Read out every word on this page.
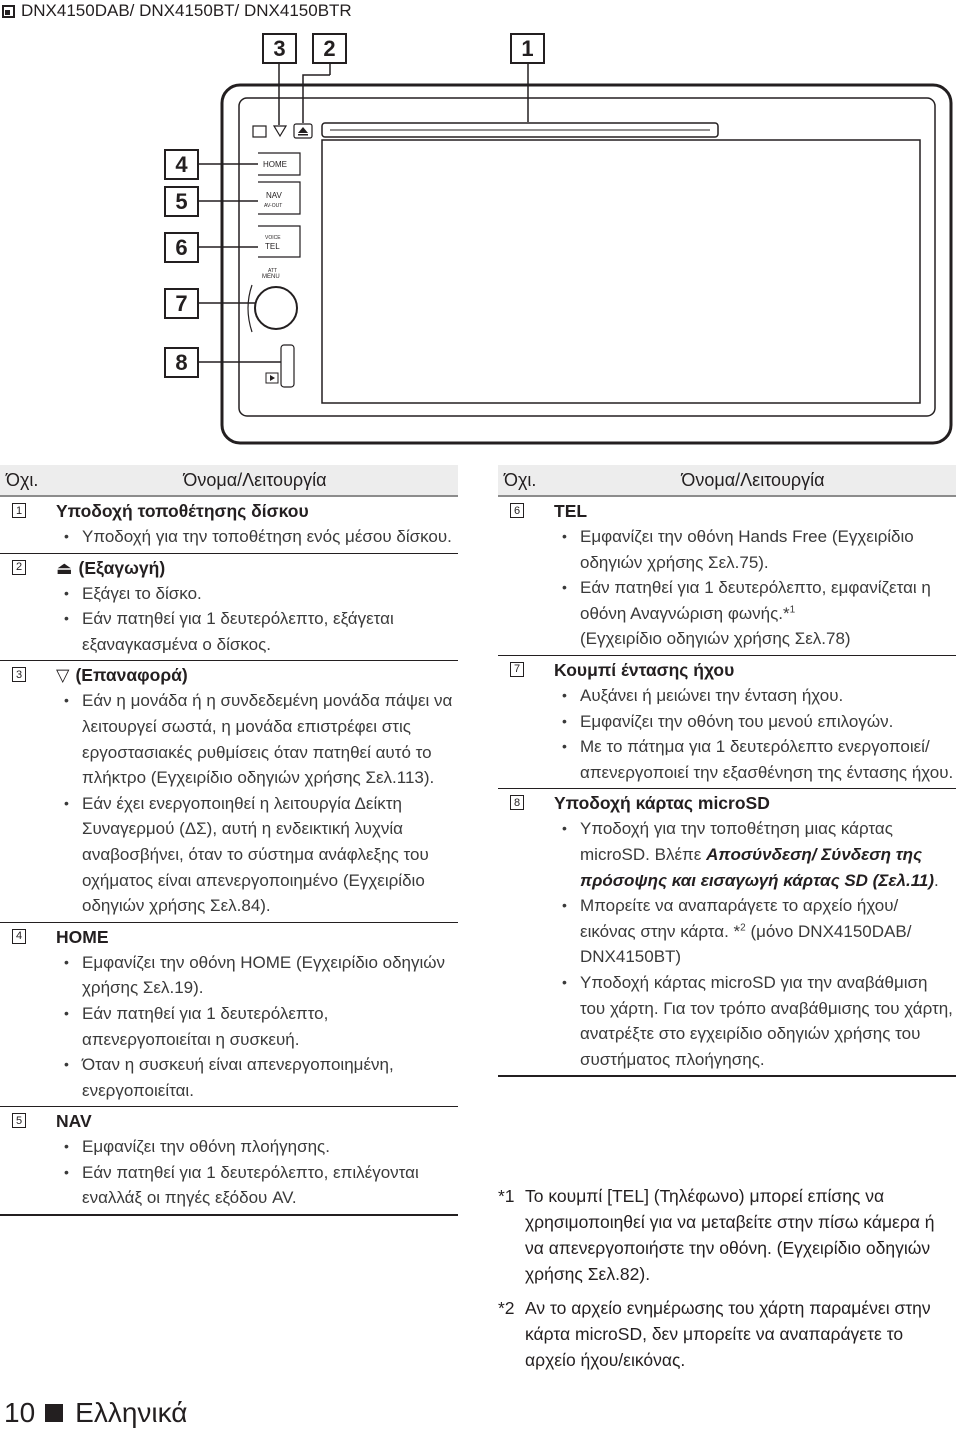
DNX4150DAB/ DNX4150BT/ DNX4150BTR
HOME
NAV
AV-OUT
VOICE
TEL
ATT
MENU
3	2	1
4
5
6
7
8
Όχι.	Όνομα/Λειτουργία
1	Υποδοχή τοποθέτησης δίσκου
• Υποδοχή για την τοποθέτηση ενός μέσου δίσκου.
2	⏏ (Εξαγωγή)
• Εξάγει το δίσκο.
• Εάν πατηθεί για 1 δευτερόλεπτο, εξάγεται εξαναγκασμένα ο δίσκος.
3	▽ (Επαναφορά)
• Εάν η μονάδα ή η συνδεδεμένη μονάδα πάψει να λειτουργεί σωστά, η μονάδα επιστρέφει στις εργοστασιακές ρυθμίσεις όταν πατηθεί αυτό το πλήκτρο (Εγχειρίδιο οδηγιών χρήσης Σελ.113).
• Εάν έχει ενεργοποιηθεί η λειτουργία Δείκτη Συναγερμού (ΔΣ), αυτή η ενδεικτική λυχνία αναβοσβήνει, όταν το σύστημα ανάφλεξης του οχήματος είναι απενεργοποιημένο (Εγχειρίδιο οδηγιών χρήσης Σελ.84).
4	HOME
• Εμφανίζει την οθόνη HOME (Εγχειρίδιο οδηγιών χρήσης Σελ.19).
• Εάν πατηθεί για 1 δευτερόλεπτο, απενεργοποιείται η συσκευή.
• Όταν η συσκευή είναι απενεργοποιημένη, ενεργοποιείται.
5	NAV
• Εμφανίζει την οθόνη πλοήγησης.
• Εάν πατηθεί για 1 δευτερόλεπτο, επιλέγονται εναλλάξ οι πηγές εξόδου AV.
Όχι.	Όνομα/Λειτουργία
6	TEL
• Εμφανίζει την οθόνη Hands Free (Εγχειρίδιο οδηγιών χρήσης Σελ.75).
• Εάν πατηθεί για 1 δευτερόλεπτο, εμφανίζεται η οθόνη Αναγνώριση φωνής.*$^1$
(Εγχειρίδιο οδηγιών χρήσης Σελ.78)
7	Κουμπί έντασης ήχου
• Αυξάνει ή μειώνει την ένταση ήχου.
• Εμφανίζει την οθόνη του μενού επιλογών.
• Με το πάτημα για 1 δευτερόλεπτο ενεργοποιεί/απενεργοποιεί την εξασθένηση της έντασης ήχου.
8	Υποδοχή κάρτας microSD
• Υποδοχή για την τοποθέτηση μιας κάρτας microSD. Βλέπε Αποσύνδεση/ Σύνδεση της πρόσοψης και εισαγωγή κάρτας SD (Σελ.11).
• Μπορείτε να αναπαράγετε το αρχείο ήχου/ εικόνας στην κάρτα. *$^2$ (μόνο DNX4150DAB/ DNX4150BT)
• Υποδοχή κάρτας microSD για την αναβάθμιση του χάρτη. Για τον τρόπο αναβάθμισης του χάρτη, ανατρέξτε στο εγχειρίδιο οδηγιών χρήσης του συστήματος πλοήγησης.
*1 Το κουμπί [TEL] (Τηλέφωνο) μπορεί επίσης να χρησιμοποιηθεί για να μεταβείτε στην πίσω κάμερα ή να απενεργοποιήστε την οθόνη. (Εγχειρίδιο οδηγιών χρήσης Σελ.82).
*2 Αν το αρχείο ενημέρωσης του χάρτη παραμένει στην κάρτα microSD, δεν μπορείτε να αναπαράγετε το αρχείο ήχου/εικόνας.
10 Ελληνικά
